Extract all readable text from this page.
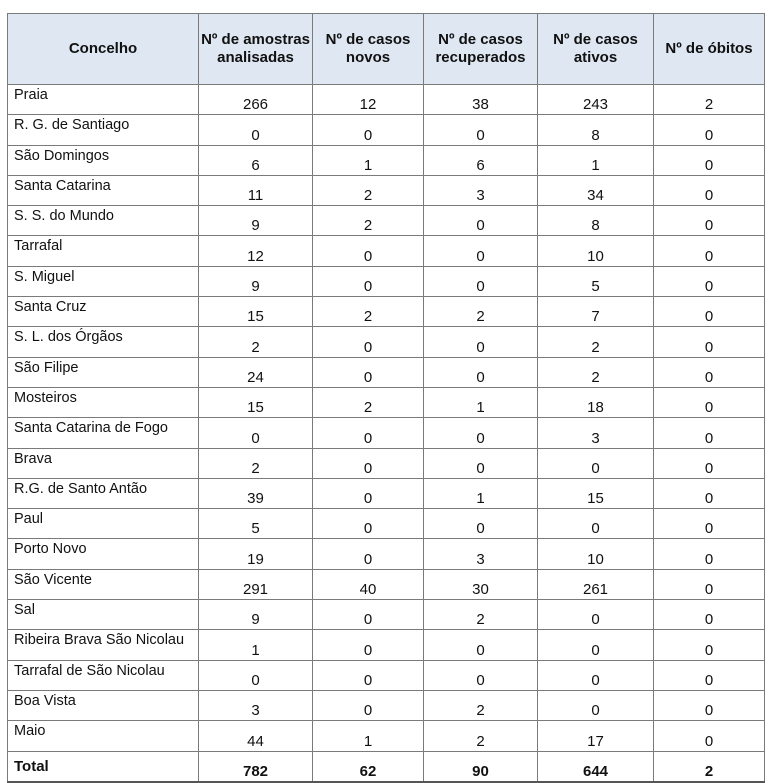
Concelho	Nº de amostras analisadas	Nº de casos novos	Nº de casos recuperados	Nº de casos ativos	Nº de óbitos
Praia	266	12	38	243	2
R. G. de Santiago	0	0	0	8	0
São Domingos	6	1	6	1	0
Santa Catarina	11	2	3	34	0
S. S. do Mundo	9	2	0	8	0
Tarrafal	12	0	0	10	0
S. Miguel	9	0	0	5	0
Santa Cruz	15	2	2	7	0
S. L. dos Órgãos	2	0	0	2	0
São Filipe	24	0	0	2	0
Mosteiros	15	2	1	18	0
Santa Catarina de Fogo	0	0	0	3	0
Brava	2	0	0	0	0
R.G. de Santo Antão	39	0	1	15	0
Paul	5	0	0	0	0
Porto Novo	19	0	3	10	0
São Vicente	291	40	30	261	0
Sal	9	0	2	0	0
Ribeira Brava São Nicolau	1	0	0	0	0
Tarrafal de São Nicolau	0	0	0	0	0
Boa Vista	3	0	2	0	0
Maio	44	1	2	17	0
Total	782	62	90	644	2
